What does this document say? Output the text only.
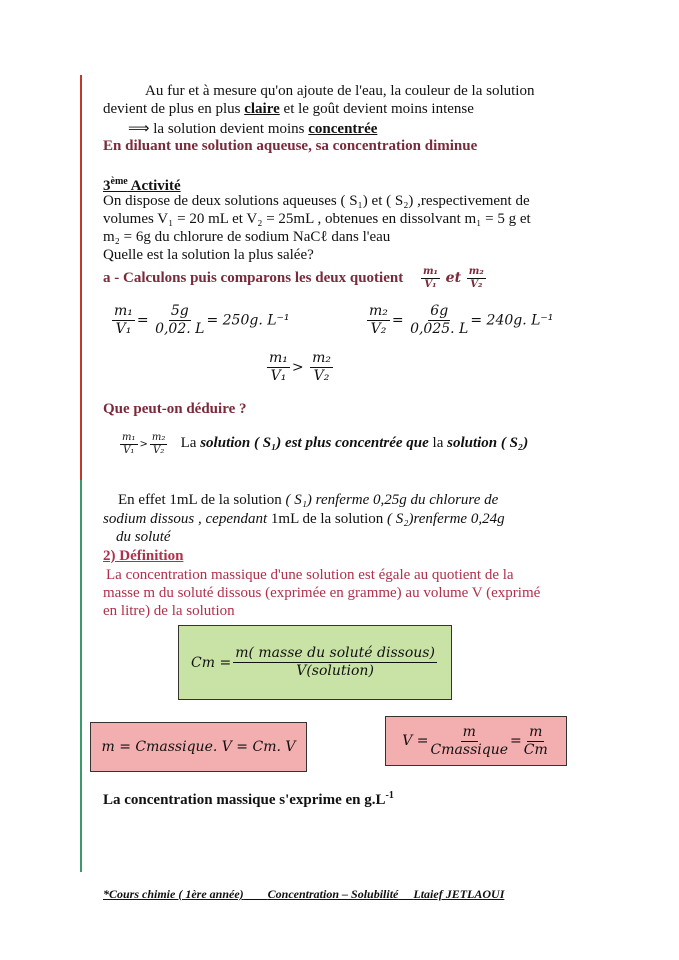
Au fur et à mesure qu'on ajoute de l'eau, la couleur de la solution
devient de plus en plus claire et le goût devient moins intense
⟹ la solution devient moins concentrée
En diluant une solution aqueuse, sa concentration diminue
3ème Activité
On dispose de deux solutions aqueuses ( S₁) et ( S₂) ,respectivement de
volumes V₁ = 20 mL et V₂ = 25mL , obtenues en dissolvant m₁ = 5 g et
m₂ = 6g du chlorure de sodium NaCℓ dans l'eau
Quelle est la solution la plus salée?
a - Calculons puis comparons les deux quotient $\frac{\text{m₁}}{\text{V₁}}$ et $\frac{\text{m₂}}{\text{V₂}}$
$\frac{\text{m₁}}{\text{V₁}} = \frac{5g}{0,02. L} = 250g$. L⁻¹	$\frac{\text{m₂}}{\text{V₂}} = \frac{6g}{0,025. L} = 240g$. L⁻¹
$\frac{\text{m₁}}{\text{V₁}} > \frac{\text{m₂}}{\text{V₂}}$
Que peut-on déduire ?
$\frac{\text{m₁}}{\text{V₁}} > \frac{\text{m₂}}{\text{V₂}}$ La solution ( S₁) est plus concentrée que la solution ( S₂)
En effet 1mL de la solution ( S₁) renferme 0,25g du chlorure de
sodium dissous , cependant 1mL de la solution ( S₂)renferme 0,24g
du soluté
2) Définition
La concentration massique d'une solution est égale au quotient de la
masse m du soluté dissous (exprimée en gramme) au volume V (exprimé
en litre) de la solution
Cm =
m( masse du soluté dissous)
V(solution)
m = Cmassique. V = Cm. V	V =
m
Cmassique
= $\frac{m}{Cm}$
La concentration massique s'exprime en $g.L^{-1}$
*Cours chimie ( 1ère année) Concentration – Solubilité Ltaief JETLAOUI
